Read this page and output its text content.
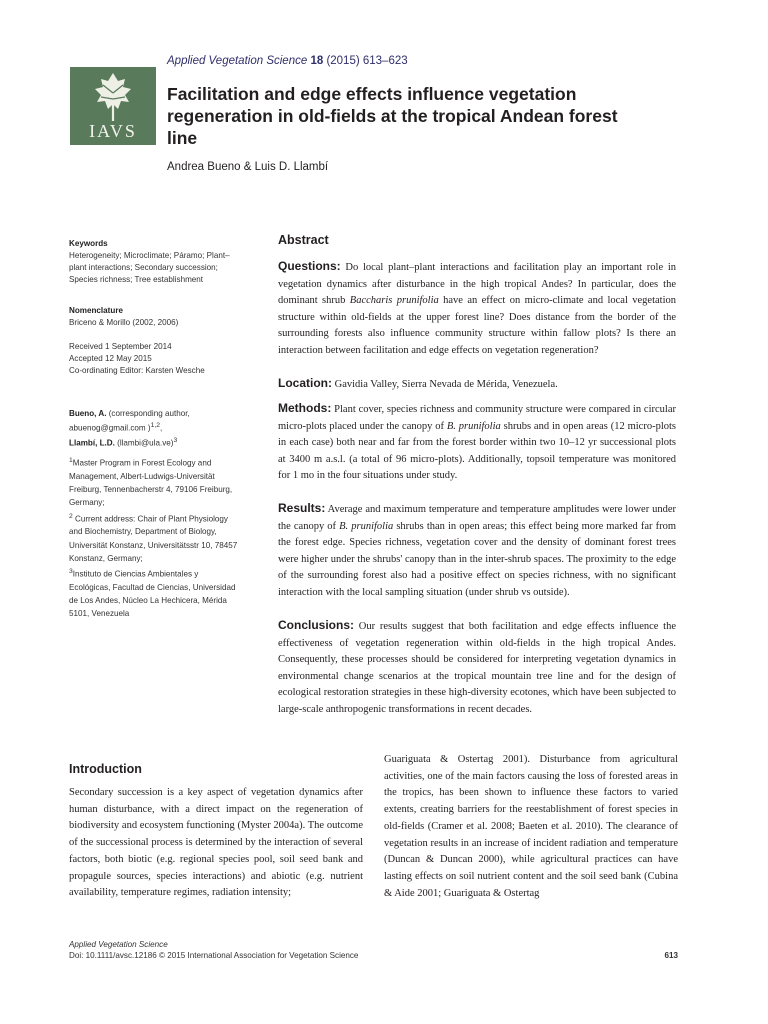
Applied Vegetation Science 18 (2015) 613–623
IAVS
Facilitation and edge effects influence vegetation regeneration in old-fields at the tropical Andean forest line
Andrea Bueno & Luis D. Llambí

Keywords

Heterogeneity; Microclimate; Páramo; Plant–

plant interactions; Secondary succession;

Species richness; Tree establishment

Nomenclature

Briceno & Morillo (2002, 2006)

Received 1 September 2014

Accepted 12 May 2015

Co-ordinating Editor: Karsten Wesche

Bueno, A. (corresponding author,

abuenog@gmail.com )$^{1,2}$,

Llambí, L.D. (llambi@ula.ve)$^3$

$^1$Master Program in Forest Ecology and

Management, Albert-Ludwigs-Universität

Freiburg, Tennenbacherstr 4, 79106 Freiburg,

Germany;

$^2$ Current address: Chair of Plant Physiology

and Biochemistry, Department of Biology,

Universität Konstanz, Universitätsstr 10, 78457

Konstanz, Germany;

$^3$Instituto de Ciencias Ambientales y

Ecológicas, Facultad de Ciencias, Universidad

de Los Andes, Núcleo La Hechicera, Mérida

5101, Venezuela

Abstract

Questions: Do local plant–plant interactions and facilitation play an important role in vegetation dynamics after disturbance in the high tropical Andes? In particular, does the dominant shrub Baccharis prunifolia have an effect on micro-climate and local vegetation structure within old-fields at the upper forest line? Does distance from the border of the surrounding forests also influence community structure within fallow plots? Is there an interaction between facilitation and edge effects on vegetation regeneration?

Location: Gavidia Valley, Sierra Nevada de Mérida, Venezuela.

Methods: Plant cover, species richness and community structure were compared in circular micro-plots placed under the canopy of B. prunifolia shrubs and in open areas (12 micro-plots in each case) both near and far from the forest border within two 10–12 yr successional plots at 3400 m a.s.l. (a total of 96 micro-plots). Additionally, topsoil temperature was monitored for 1 mo in the four situations under study.

Results: Average and maximum temperature and temperature amplitudes were lower under the canopy of B. prunifolia shrubs than in open areas; this effect being more marked far from the forest edge. Species richness, vegetation cover and the density of dominant forest trees were higher under the shrubs' canopy than in the inter-shrub spaces. The proximity to the edge of the surrounding forest also had a positive effect on species richness, with no significant interaction with the local sampling situation (under shrub vs outside).

Conclusions: Our results suggest that both facilitation and edge effects influence the effectiveness of vegetation regeneration within old-fields in the high tropical Andes. Consequently, these processes should be considered for interpreting vegetation dynamics in environmental change scenarios at the tropical mountain tree line and for the design of ecological restoration strategies in these high-diversity ecotones, which have been subjected to large-scale anthropogenic transformations in recent decades.

Introduction

Secondary succession is a key aspect of vegetation dynamics after human disturbance, with a direct impact on the regeneration of biodiversity and ecosystem functioning (Myster 2004a). The outcome of the successional process is determined by the interaction of several factors, both biotic (e.g. regional species pool, soil seed bank and propagule sources, species interactions) and abiotic (e.g. nutrient availability, temperature regimes, radiation intensity;

Guariguata & Ostertag 2001). Disturbance from agricultural activities, one of the main factors causing the loss of forested areas in the tropics, has been shown to influence these factors to varied extents, creating barriers for the reestablishment of forest species in old-fields (Cramer et al. 2008; Baeten et al. 2010). The clearance of vegetation results in an increase of incident radiation and temperature (Duncan & Duncan 2000), while agricultural practices can have lasting effects on soil nutrient content and the soil seed bank (Cubina & Aide 2001; Guariguata & Ostertag

Applied Vegetation Science
Doi: 10.1111/avsc.12186 © 2015 International Association for Vegetation Science	613
